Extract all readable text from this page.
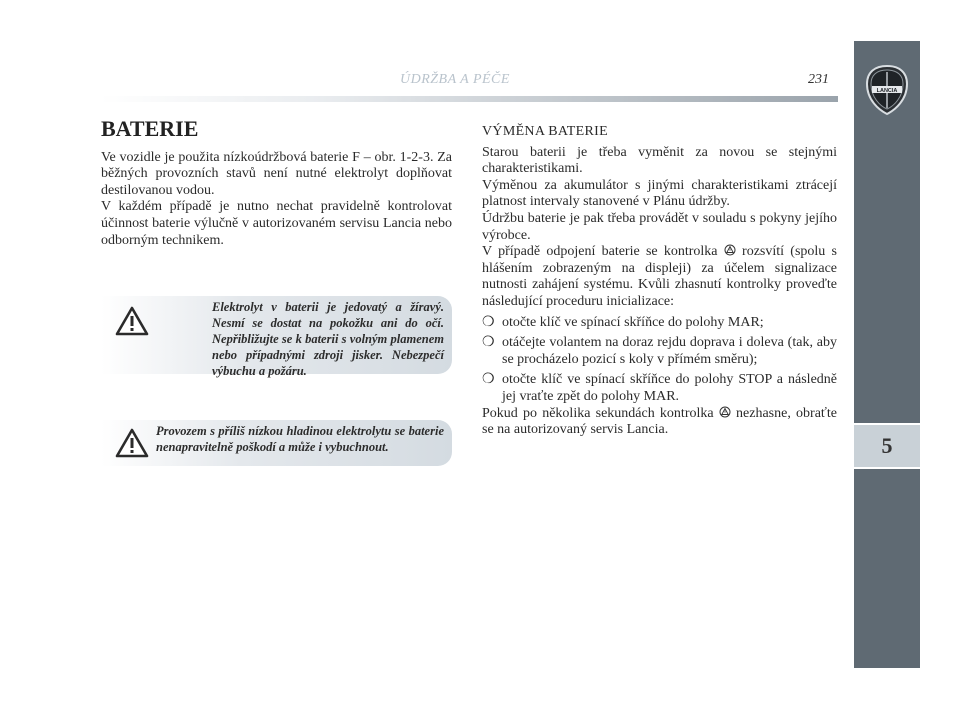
ÚDRŽBA A PÉČE	231
LANCIA
5
BATERIE

Ve vozidle je použita nízkoúdržbová baterie F – obr. 1-2-3. Za běžných provozních stavů není nutné elektrolyt doplňovat destilovanou vodou.

V každém případě je nutno nechat pravidelně kontrolovat účinnost baterie výlučně v autorizovaném servisu Lancia nebo odborným technikem.

Elektrolyt v baterii je jedovatý a žíravý. Nesmí se dostat na pokožku ani do očí. Nepřibližujte se k baterii s volným plamenem nebo případnými zdroji jisker. Nebezpečí výbuchu a požáru.
Provozem s příliš nízkou hladinou elektrolytu se baterie nenapravitelně poškodí a může i vybuchnout.
VÝMĚNA BATERIE

Starou baterii je třeba vyměnit za novou se stejnými charakteristikami.

Výměnou za akumulátor s jinými charakteristikami ztrácejí platnost intervaly stanovené v Plánu údržby.

Údržbu baterie je pak třeba provádět v souladu s pokyny jejího výrobce.

V případě odpojení baterie se kontrolka rozsvítí (spolu s hlášením zobrazeným na displeji) za účelem signalizace nutnosti zahájení systému. Kvůli zhasnutí kontrolky proveďte následující proceduru inicializace:

❍ otočte klíč ve spínací skříňce do polohy MAR;
❍ otáčejte volantem na doraz rejdu doprava i doleva (tak, aby se procházelo pozicí s koly v přímém směru);
❍ otočte klíč ve spínací skříňce do polohy STOP a následně jej vraťte zpět do polohy MAR.

Pokud po několika sekundách kontrolka nezhasne, obraťte se na autorizovaný servis Lancia.
